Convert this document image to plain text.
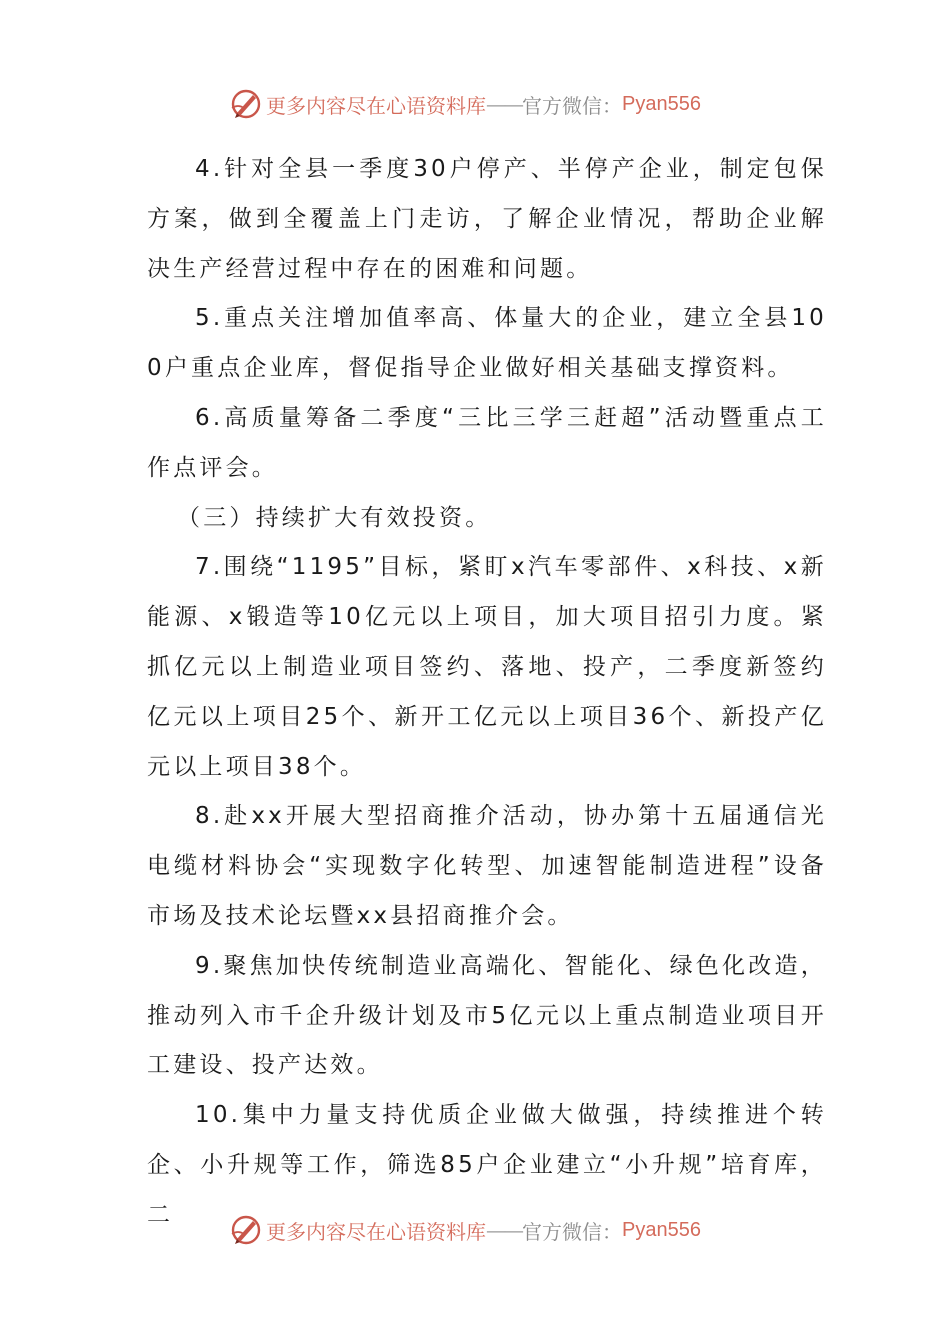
更多内容尽在心语资料库 —— 官方微信： Pyan556

4.针对全县一季度30户停产、半停产企业，制定包保方案，做到全覆盖上门走访，了解企业情况，帮助企业解决生产经营过程中存在的困难和问题。

5.重点关注增加值率高、体量大的企业，建立全县100户重点企业库，督促指导企业做好相关基础支撑资料。

6.高质量筹备二季度“三比三学三赶超”活动暨重点工作点评会。

（三）持续扩大有效投资。

7.围绕“1195”目标，紧盯x汽车零部件、x科技、x新能源、x锻造等10亿元以上项目，加大项目招引力度。紧抓亿元以上制造业项目签约、落地、投产，二季度新签约亿元以上项目25个、新开工亿元以上项目36个、新投产亿元以上项目38个。

8.赴xx开展大型招商推介活动，协办第十五届通信光电缆材料协会“实现数字化转型、加速智能制造进程”设备市场及技术论坛暨xx县招商推介会。

9.聚焦加快传统制造业高端化、智能化、绿色化改造，推动列入市千企升级计划及市5亿元以上重点制造业项目开工建设、投产达效。

10.集中力量支持优质企业做大做强，持续推进个转企、小升规等工作，筛选85户企业建立“小升规”培育库，二

更多内容尽在心语资料库 —— 官方微信： Pyan556
